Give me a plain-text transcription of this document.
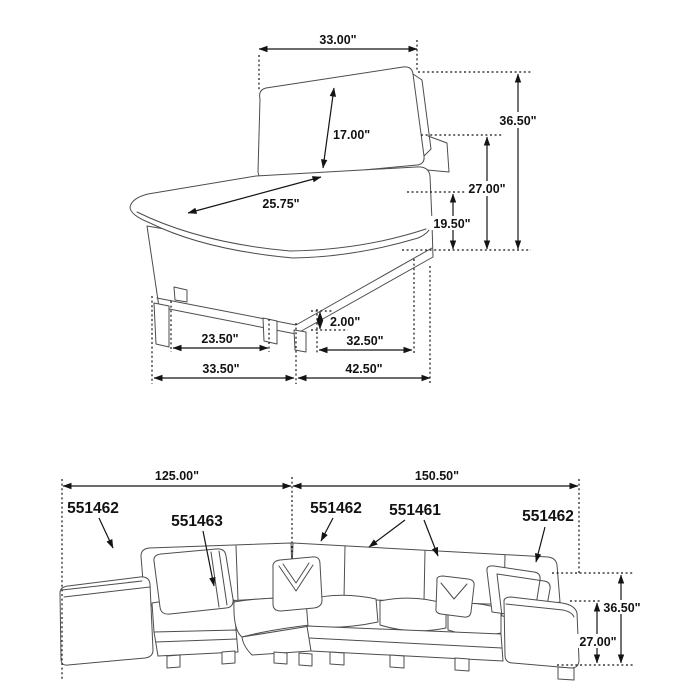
33.00"
36.50"
27.00"
19.50"
17.00"
25.75"
2.00"
23.50"	32.50"
33.50"	42.50"
125.00"	150.50"
36.50"
27.00"
551462
551463
551462 551461	551462
